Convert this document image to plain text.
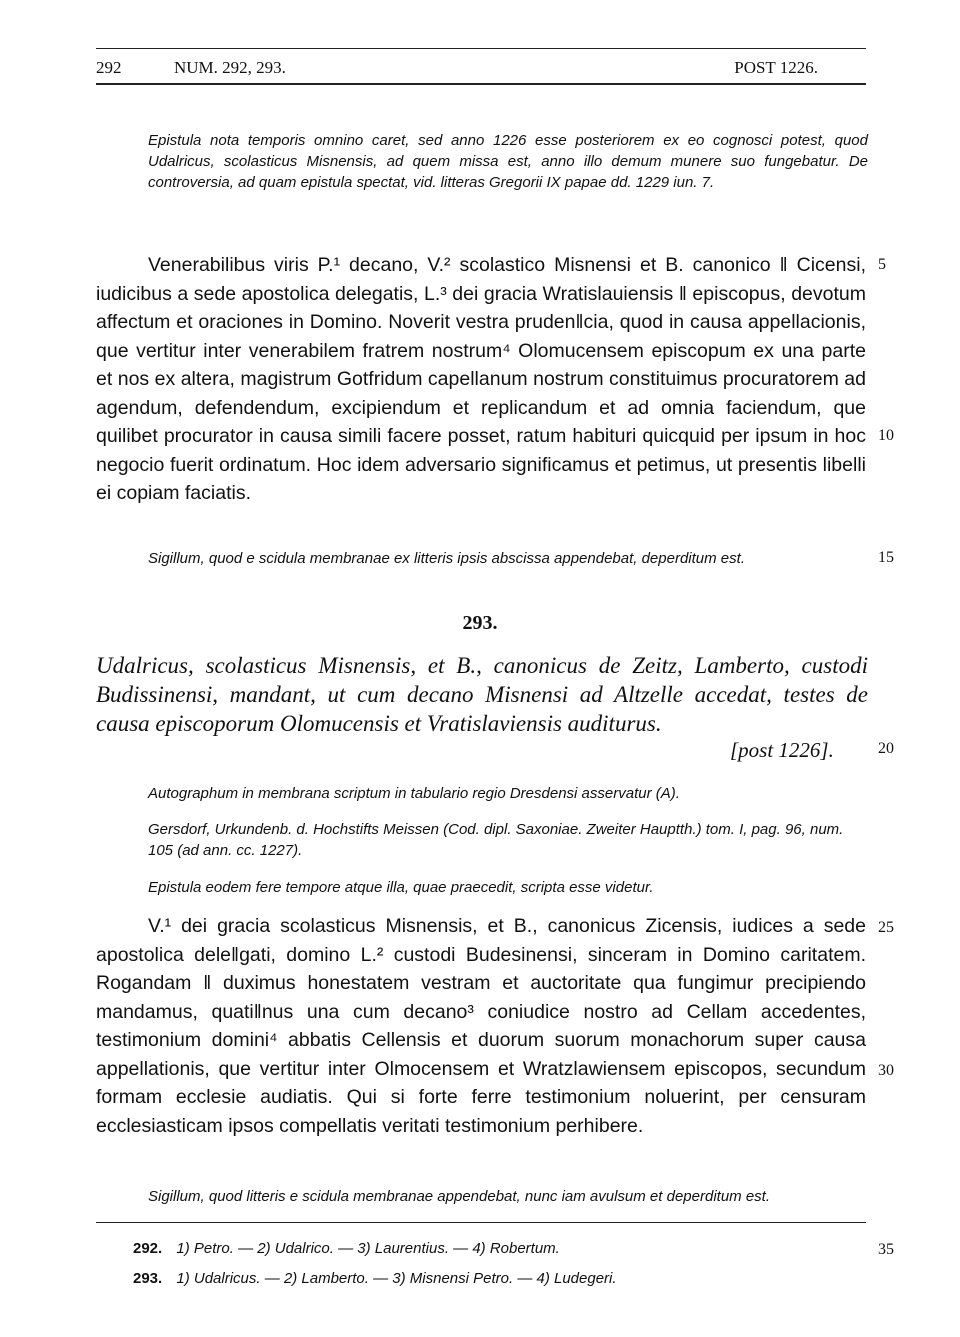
292	NUM. 292, 293.	POST 1226.
Epistula nota temporis omnino caret, sed anno 1226 esse posteriorem ex eo cognosci potest, quod Udalricus, scolasticus Misnensis, ad quem missa est, anno illo demum munere suo fungebatur. De controversia, ad quam epistula spectat, vid. litteras Gregorii IX papae dd. 1229 iun. 7.

Venerabilibus viris P.¹ decano, V.² scolastico Misnensi et B. canonico ‖ Cicensi, iudicibus a sede apostolica delegatis, L.³ dei gracia Wratislauiensis ‖ episcopus, devotum affectum et oraciones in Domino. Noverit vestra pruden‖cia, quod in causa appellacionis, que vertitur inter venerabilem fratrem nostrum⁴ Olomucensem episcopum ex una parte et nos ex altera, magistrum Gotfridum capellanum nostrum constituimus procuratorem ad agendum, defendendum, excipiendum et replicandum et ad omnia faciendum, que quilibet procurator in causa simili facere posset, ratum habituri quicquid per ipsum in hoc negocio fuerit ordinatum. Hoc idem adversario significamus et petimus, ut presentis libelli ei copiam faciatis.

Sigillum, quod e scidula membranae ex litteris ipsis abscissa appendebat, deperditum est.
293.
Udalricus, scolasticus Misnensis, et B., canonicus de Zeitz, Lamberto, custodi Budissinensi, mandant, ut cum decano Misnensi ad Altzelle accedat, testes de causa episcoporum Olomucensis et Vratislaviensis auditurus.
[post 1226].
Autographum in membrana scriptum in tabulario regio Dresdensi asservatur (A).
Gersdorf, Urkundenb. d. Hochstifts Meissen (Cod. dipl. Saxoniae. Zweiter Hauptth.) tom. I, pag. 96, num. 105 (ad ann. cc. 1227).
Epistula eodem fere tempore atque illa, quae praecedit, scripta esse videtur.

V.¹ dei gracia scolasticus Misnensis, et B., canonicus Zicensis, iudices a sede apostolica dele‖gati, domino L.² custodi Budesinensi, sinceram in Domino caritatem. Rogandam ‖ duximus honestatem vestram et auctoritate qua fungimur precipiendo mandamus, quati‖nus una cum decano³ coniudice nostro ad Cellam accedentes, testimonium domini⁴ abbatis Cellensis et duorum suorum monachorum super causa appellationis, que vertitur inter Olmocensem et Wratzlawiensem episcopos, secundum formam ecclesie audiatis. Qui si forte ferre testimonium noluerint, per censuram ecclesiasticam ipsos compellatis veritati testimonium perhibere.

Sigillum, quod litteris e scidula membranae appendebat, nunc iam avulsum et deperditum est.
5
10
15
20
25
30
35
292. 1) Petro. — 2) Udalrico. — 3) Laurentius. — 4) Robertum.
293. 1) Udalricus. — 2) Lamberto. — 3) Misnensi Petro. — 4) Ludegeri.
